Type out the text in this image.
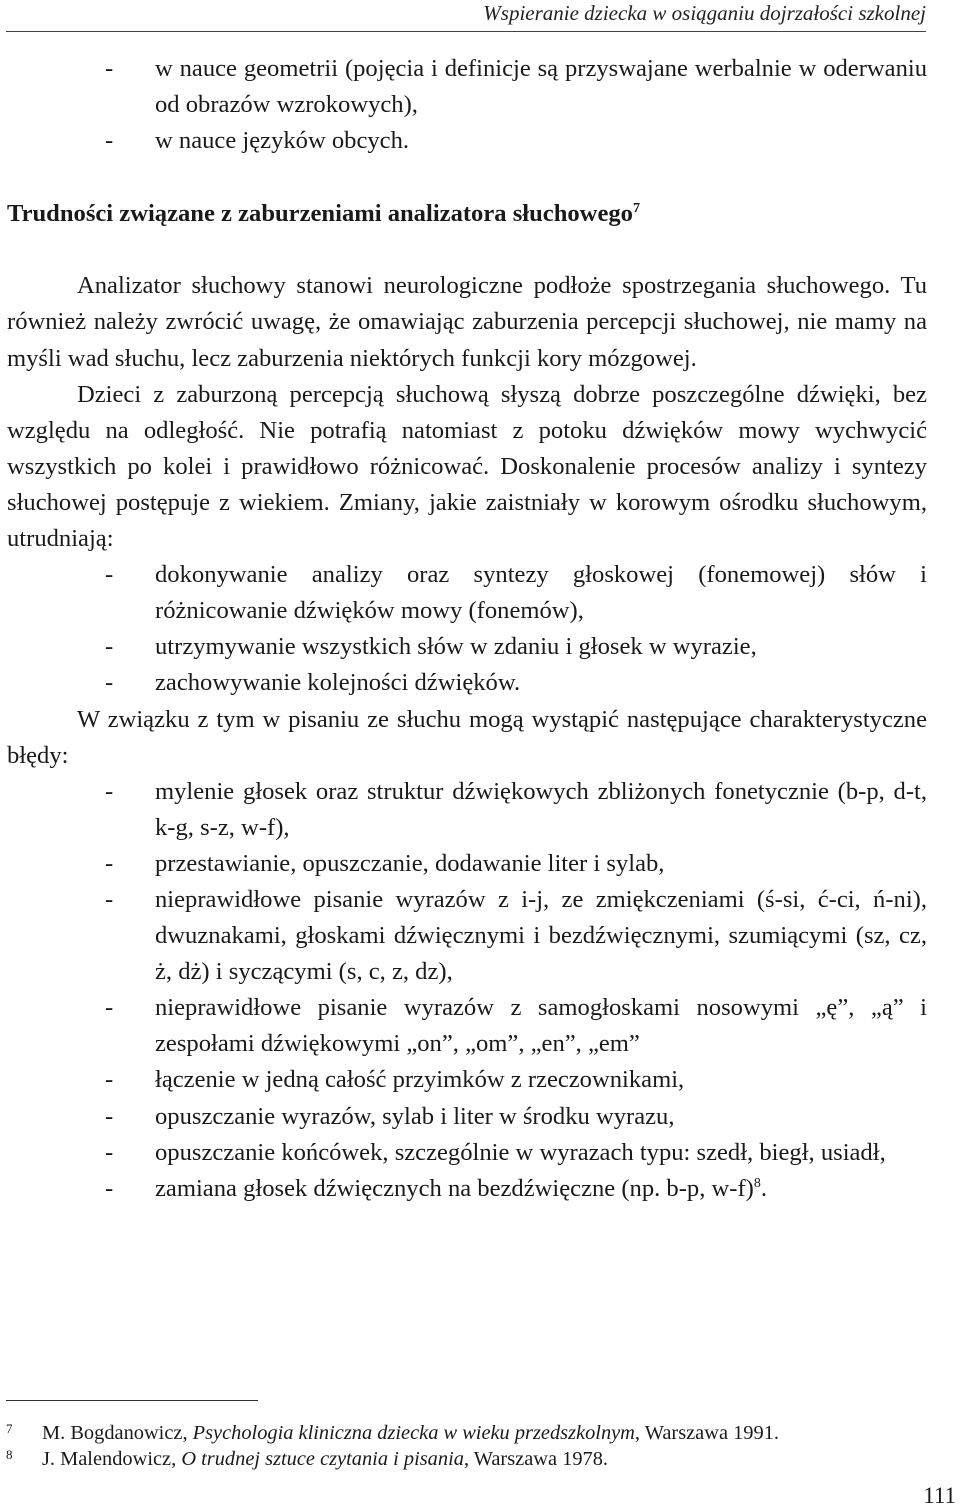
Wspieranie dziecka w osiąganiu dojrzałości szkolnej

- w nauce geometrii (pojęcia i definicje są przyswajane werbalnie w oderwaniu od obrazów wzrokowych),

- w nauce języków obcych.

Trudności związane z zaburzeniami analizatora słuchowego$^7$

Analizator słuchowy stanowi neurologiczne podłoże spostrzegania słuchowego. Tu również należy zwrócić uwagę, że omawiając zaburzenia percepcji słuchowej, nie mamy na myśli wad słuchu, lecz zaburzenia niektórych funkcji kory mózgowej.

Dzieci z zaburzoną percepcją słuchową słyszą dobrze poszczególne dźwięki, bez względu na odległość. Nie potrafią natomiast z potoku dźwięków mowy wychwycić wszystkich po kolei i prawidłowo różnicować. Doskonalenie procesów analizy i syntezy słuchowej postępuje z wiekiem. Zmiany, jakie zaistniały w korowym ośrodku słuchowym, utrudniają:

- dokonywanie analizy oraz syntezy głoskowej (fonemowej) słów i różnicowanie dźwięków mowy (fonemów),

- utrzymywanie wszystkich słów w zdaniu i głosek w wyrazie,

- zachowywanie kolejności dźwięków.

W związku z tym w pisaniu ze słuchu mogą wystąpić następujące charakterystyczne błędy:

- mylenie głosek oraz struktur dźwiękowych zbliżonych fonetycznie (b-p, d-t, k-g, s-z, w-f),

- przestawianie, opuszczanie, dodawanie liter i sylab,

- nieprawidłowe pisanie wyrazów z i-j, ze zmiękczeniami (ś-si, ć-ci, ń-ni), dwuznakami, głoskami dźwięcznymi i bezdźwięcznymi, szumiącymi (sz, cz, ż, dż) i syczącymi (s, c, z, dz),

- nieprawidłowe pisanie wyrazów z samogłoskami nosowymi „ę”, „ą” i zespołami dźwiękowymi „on”, „om”, „en”, „em”

- łączenie w jedną całość przyimków z rzeczownikami,

- opuszczanie wyrazów, sylab i liter w środku wyrazu,

- opuszczanie końcówek, szczególnie w wyrazach typu: szedł, biegł, usiadł,

- zamiana głosek dźwięcznych na bezdźwięczne (np. b-p, w-f)$^8$.

7 M. Bogdanowicz, Psychologia kliniczna dziecka w wieku przedszkolnym, Warszawa 1991.
8 J. Malendowicz, O trudnej sztuce czytania i pisania, Warszawa 1978.
111
